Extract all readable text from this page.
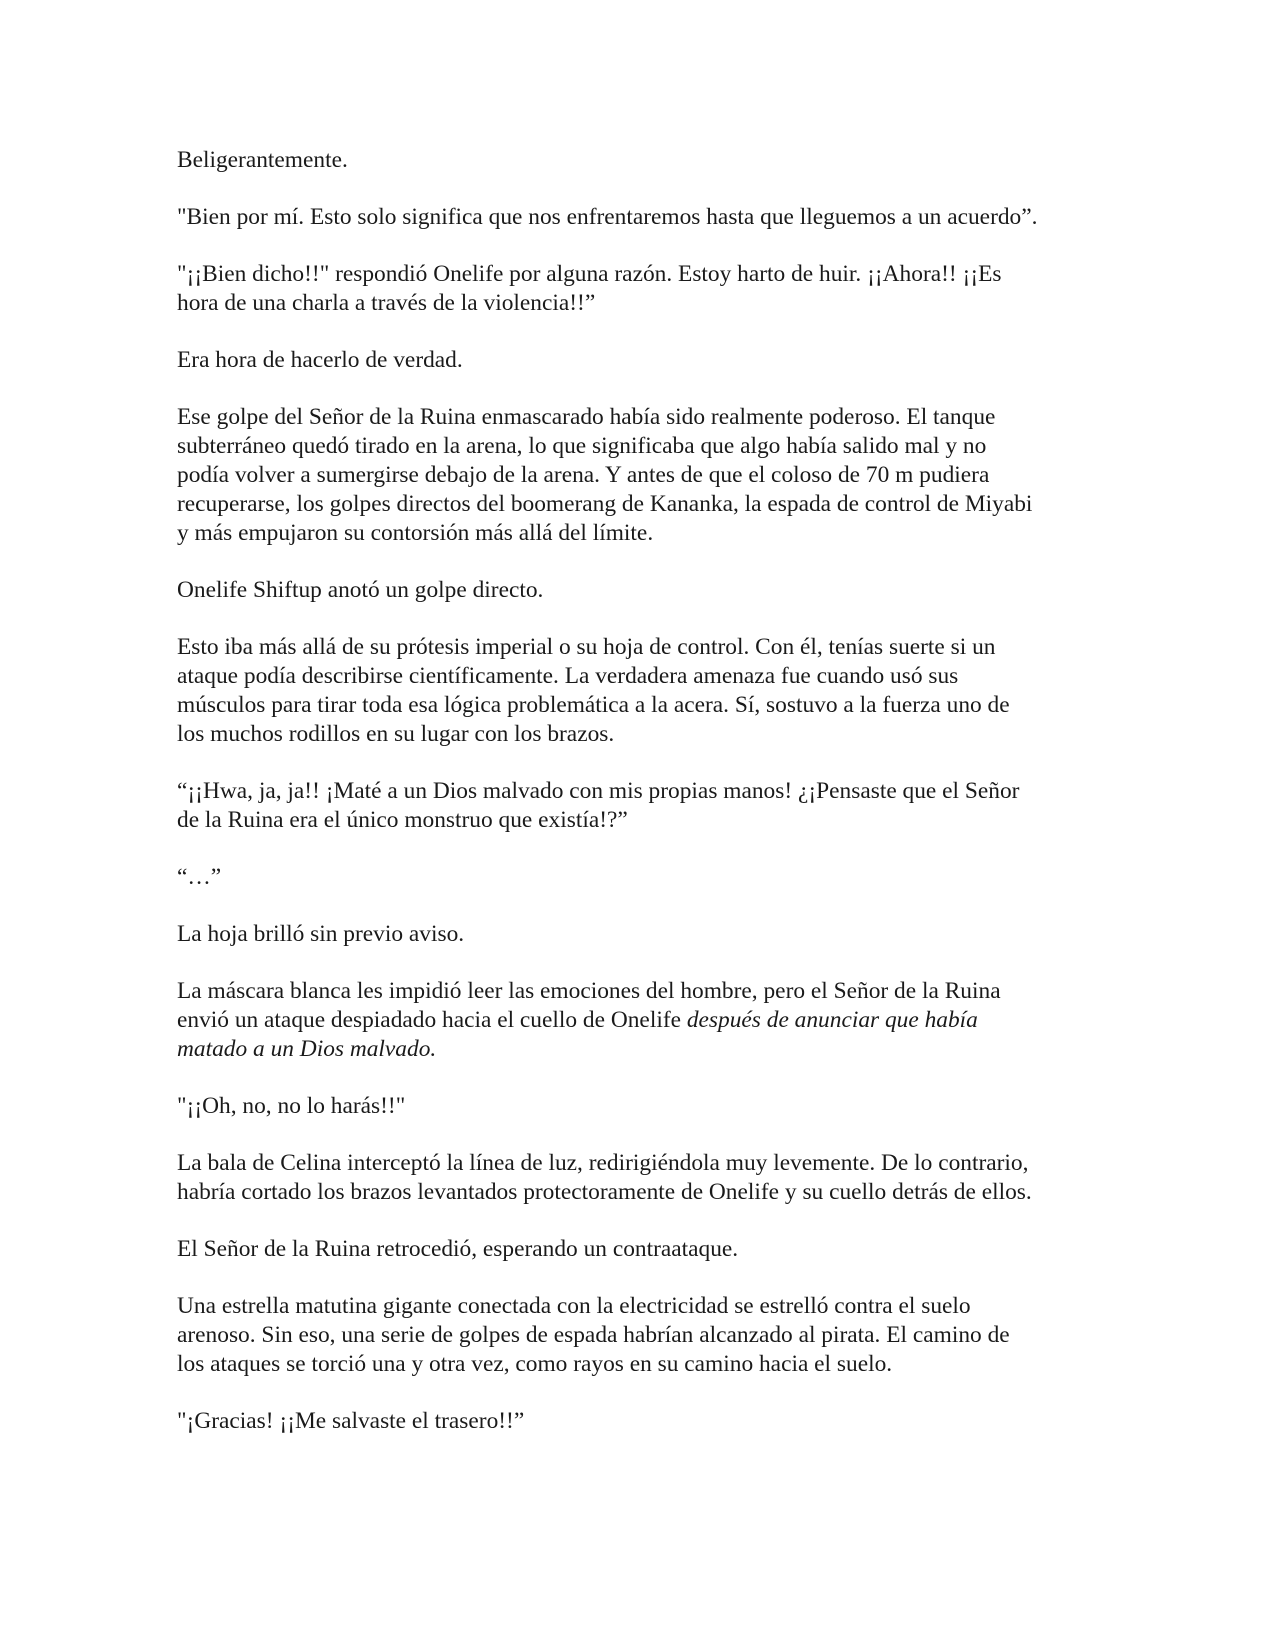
Beligerantemente.

"Bien por mí. Esto solo significa que nos enfrentaremos hasta que lleguemos a un acuerdo”.

"¡¡Bien dicho!!" respondió Onelife por alguna razón. Estoy harto de huir. ¡¡Ahora!! ¡¡Es
hora de una charla a través de la violencia!!”

Era hora de hacerlo de verdad.

Ese golpe del Señor de la Ruina enmascarado había sido realmente poderoso. El tanque
subterráneo quedó tirado en la arena, lo que significaba que algo había salido mal y no
podía volver a sumergirse debajo de la arena. Y antes de que el coloso de 70 m pudiera
recuperarse, los golpes directos del boomerang de Kananka, la espada de control de Miyabi
y más empujaron su contorsión más allá del límite.

Onelife Shiftup anotó un golpe directo.

Esto iba más allá de su prótesis imperial o su hoja de control. Con él, tenías suerte si un
ataque podía describirse científicamente. La verdadera amenaza fue cuando usó sus
músculos para tirar toda esa lógica problemática a la acera. Sí, sostuvo a la fuerza uno de
los muchos rodillos en su lugar con los brazos.

“¡¡Hwa, ja, ja!! ¡Maté a un Dios malvado con mis propias manos! ¿¡Pensaste que el Señor
de la Ruina era el único monstruo que existía!?”

“…”

La hoja brilló sin previo aviso.

La máscara blanca les impidió leer las emociones del hombre, pero el Señor de la Ruina
envió un ataque despiadado hacia el cuello de Onelife después de anunciar que había
matado a un Dios malvado.

"¡¡Oh, no, no lo harás!!"

La bala de Celina interceptó la línea de luz, redirigiéndola muy levemente. De lo contrario,
habría cortado los brazos levantados protectoramente de Onelife y su cuello detrás de ellos.

El Señor de la Ruina retrocedió, esperando un contraataque.

Una estrella matutina gigante conectada con la electricidad se estrelló contra el suelo
arenoso. Sin eso, una serie de golpes de espada habrían alcanzado al pirata. El camino de
los ataques se torció una y otra vez, como rayos en su camino hacia el suelo.

"¡Gracias! ¡¡Me salvaste el trasero!!”
